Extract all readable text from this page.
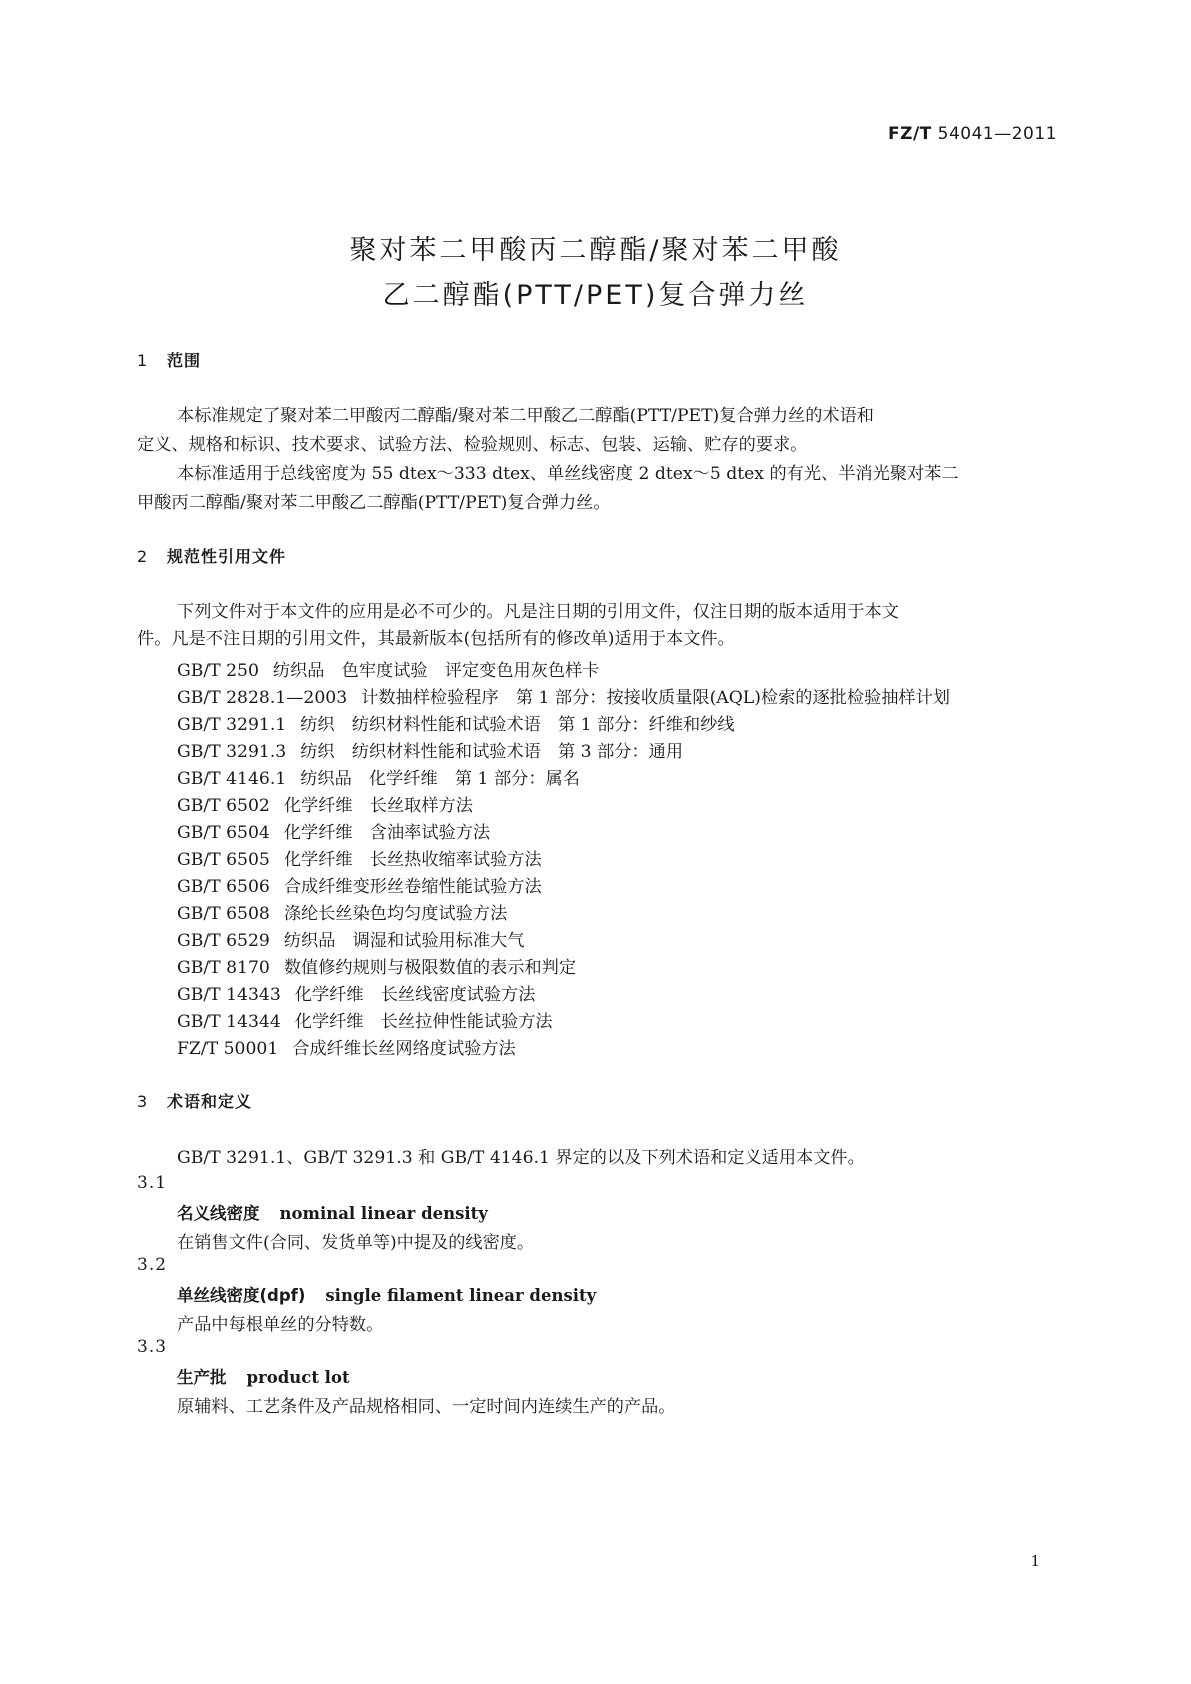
FZ/T 54041—2011
聚对苯二甲酸丙二醇酯/聚对苯二甲酸
乙二醇酯(PTT/PET)复合弹力丝
1 范围
本标准规定了聚对苯二甲酸丙二醇酯/聚对苯二甲酸乙二醇酯(PTT/PET)复合弹力丝的术语和
定义、规格和标识、技术要求、试验方法、检验规则、标志、包装、运输、贮存的要求。
本标准适用于总线密度为 55 dtex～333 dtex、单丝线密度 2 dtex～5 dtex 的有光、半消光聚对苯二
甲酸丙二醇酯/聚对苯二甲酸乙二醇酯(PTT/PET)复合弹力丝。
2 规范性引用文件
下列文件对于本文件的应用是必不可少的。凡是注日期的引用文件，仅注日期的版本适用于本文
件。凡是不注日期的引用文件，其最新版本(包括所有的修改单)适用于本文件。
GB/T 250 纺织品　色牢度试验　评定变色用灰色样卡
GB/T 2828.1—2003 计数抽样检验程序　第 1 部分：按接收质量限(AQL)检索的逐批检验抽样计划
GB/T 3291.1 纺织　纺织材料性能和试验术语　第 1 部分：纤维和纱线
GB/T 3291.3 纺织　纺织材料性能和试验术语　第 3 部分：通用
GB/T 4146.1 纺织品　化学纤维　第 1 部分：属名
GB/T 6502 化学纤维　长丝取样方法
GB/T 6504 化学纤维　含油率试验方法
GB/T 6505 化学纤维　长丝热收缩率试验方法
GB/T 6506 合成纤维变形丝卷缩性能试验方法
GB/T 6508 涤纶长丝染色均匀度试验方法
GB/T 6529 纺织品　调湿和试验用标准大气
GB/T 8170 数值修约规则与极限数值的表示和判定
GB/T 14343 化学纤维　长丝线密度试验方法
GB/T 14344 化学纤维　长丝拉伸性能试验方法
FZ/T 50001 合成纤维长丝网络度试验方法
3 术语和定义
GB/T 3291.1、GB/T 3291.3 和 GB/T 4146.1 界定的以及下列术语和定义适用本文件。
3.1
名义线密度 nominal linear density
在销售文件(合同、发货单等)中提及的线密度。
3.2
单丝线密度(dpf) single filament linear density
产品中每根单丝的分特数。
3.3
生产批 product lot
原辅料、工艺条件及产品规格相同、一定时间内连续生产的产品。
1
